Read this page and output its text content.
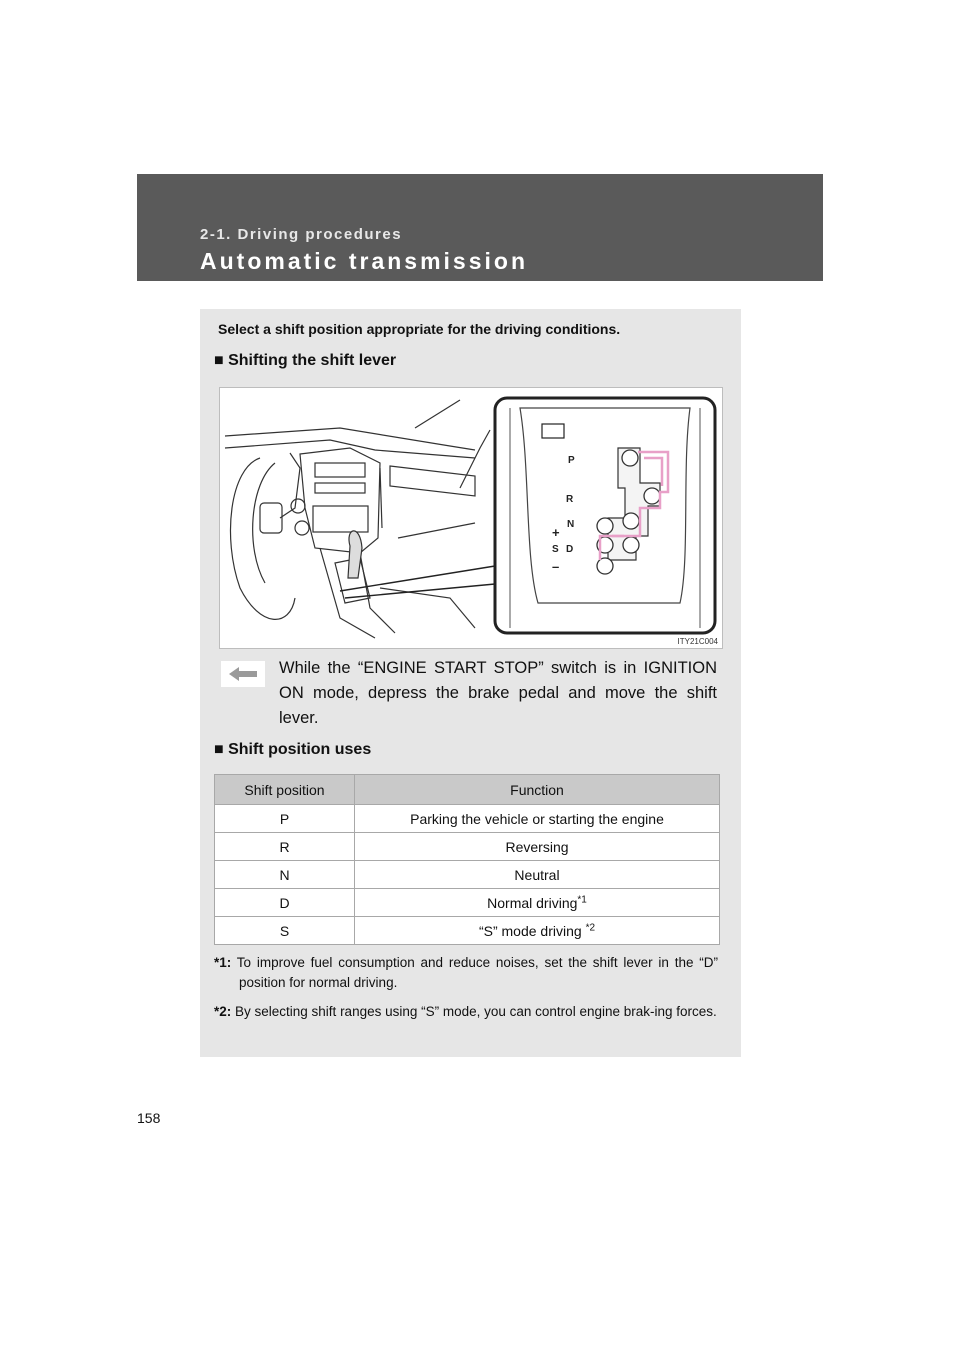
2-1. Driving procedures
Automatic transmission
Select a shift position appropriate for the driving conditions.
■ Shifting the shift lever
P
R
N
+
S D
–
ITY21C004
While the “ENGINE START STOP” switch is in IGNITION ON mode, depress the brake pedal and move the shift lever.
■ Shift position uses
Shift position	Function
P	Parking the vehicle or starting the engine
R	Reversing
N	Neutral
D	Normal driving$^{*1}$
S	“S” mode driving $^{*2}$
*1: To improve fuel consumption and reduce noises, set the shift lever in the “D” position for normal driving.
*2: By selecting shift ranges using “S” mode, you can control engine brak-ing forces.
158
